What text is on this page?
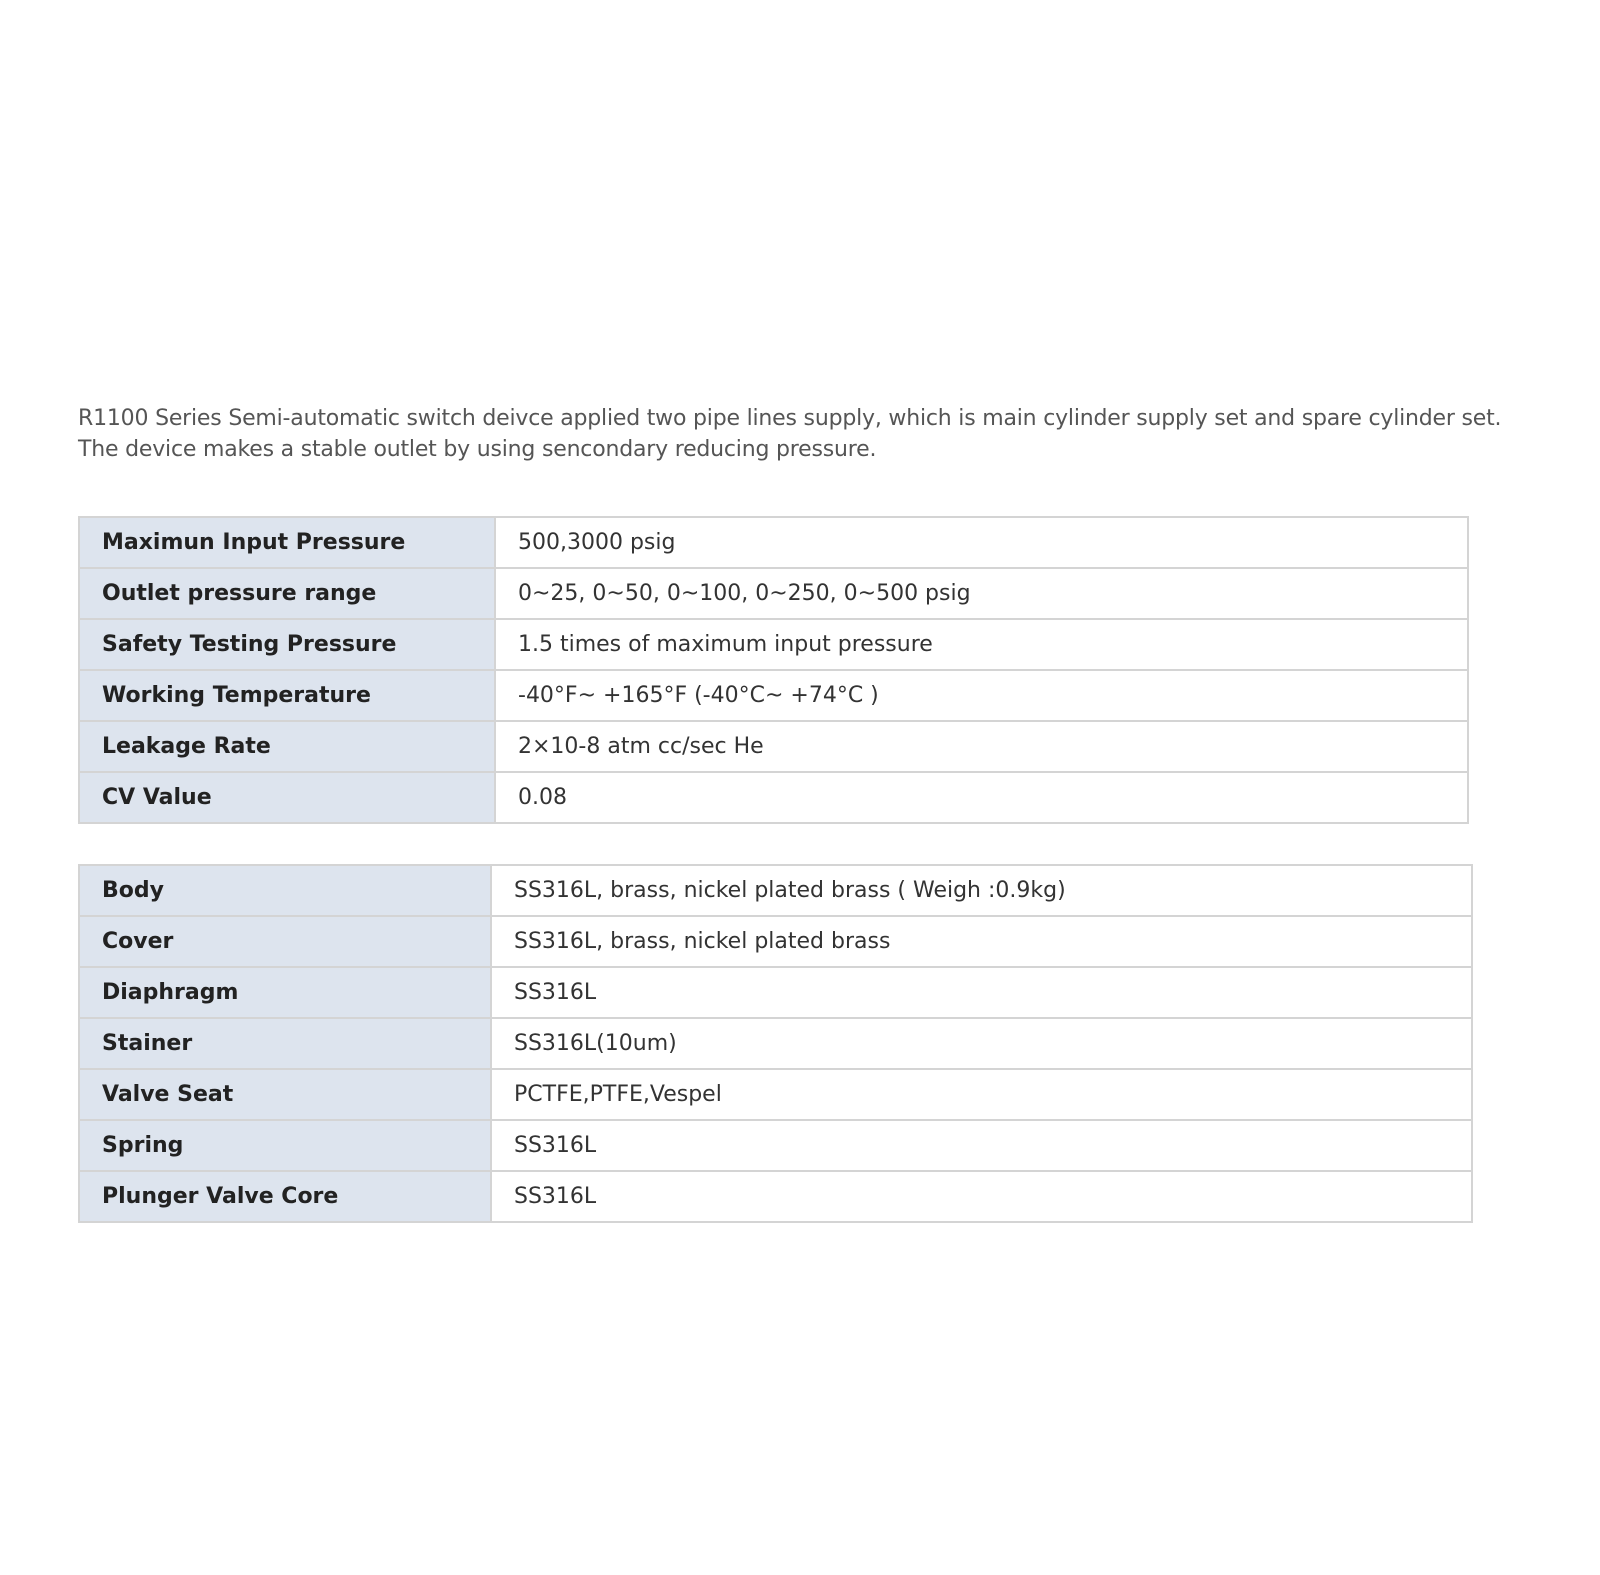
R1100 Series Semi-automatic switch deivce applied two pipe lines supply, which is main cylinder supply set and spare cylinder set.

The device makes a stable outlet by using sencondary reducing pressure.

Maximun Input Pressure	500,3000 psig
Outlet pressure range	0~25, 0~50, 0~100, 0~250, 0~500 psig
Safety Testing Pressure	1.5 times of maximum input pressure
Working Temperature	-40°F~ +165°F (-40°C~ +74°C )
Leakage Rate	2×10-8 atm cc/sec He
CV Value	0.08
Body	SS316L, brass, nickel plated brass ( Weigh :0.9kg)
Cover	SS316L, brass, nickel plated brass
Diaphragm	SS316L
Stainer	SS316L(10um)
Valve Seat	PCTFE,PTFE,Vespel
Spring	SS316L
Plunger Valve Core	SS316L
